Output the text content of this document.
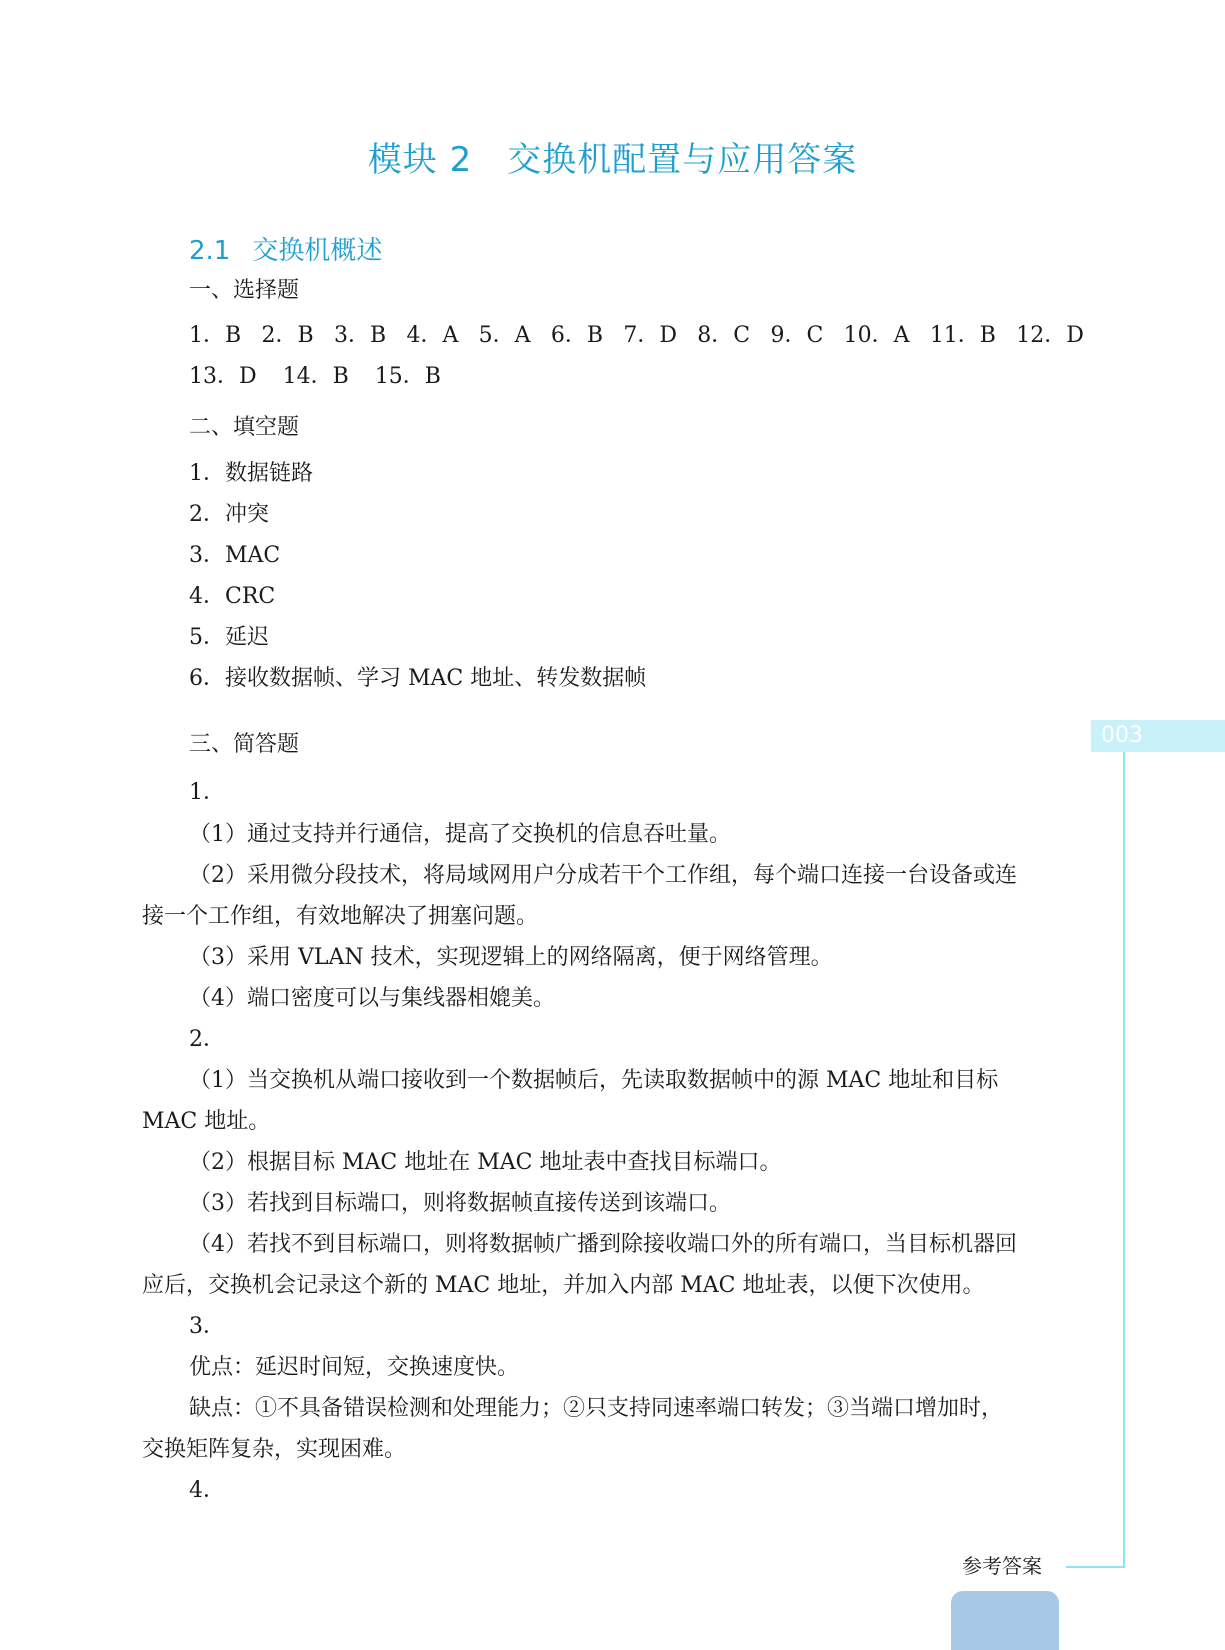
模块 2　交换机配置与应用答案
2.1 交换机概述
一、选择题
1．B 2．B 3．B 4．A 5．A 6．B 7．D 8．C 9．C 10．A 11．B 12．D
13．D 14．B 15．B
二、填空题
1．数据链路
2．冲突
3．MAC
4．CRC
5．延迟
6．接收数据帧、学习 MAC 地址、转发数据帧
三、简答题
1．
（1）通过支持并行通信，提高了交换机的信息吞吐量。
（2）采用微分段技术，将局域网用户分成若干个工作组，每个端口连接一台设备或连
接一个工作组，有效地解决了拥塞问题。
（3）采用 VLAN 技术，实现逻辑上的网络隔离，便于网络管理。
（4）端口密度可以与集线器相媲美。
2．
（1）当交换机从端口接收到一个数据帧后，先读取数据帧中的源 MAC 地址和目标
MAC 地址。
（2）根据目标 MAC 地址在 MAC 地址表中查找目标端口。
（3）若找到目标端口，则将数据帧直接传送到该端口。
（4）若找不到目标端口，则将数据帧广播到除接收端口外的所有端口，当目标机器回
应后，交换机会记录这个新的 MAC 地址，并加入内部 MAC 地址表，以便下次使用。
3．
优点：延迟时间短，交换速度快。
缺点：①不具备错误检测和处理能力；②只支持同速率端口转发；③当端口增加时，
交换矩阵复杂，实现困难。
4．
003
参考答案
